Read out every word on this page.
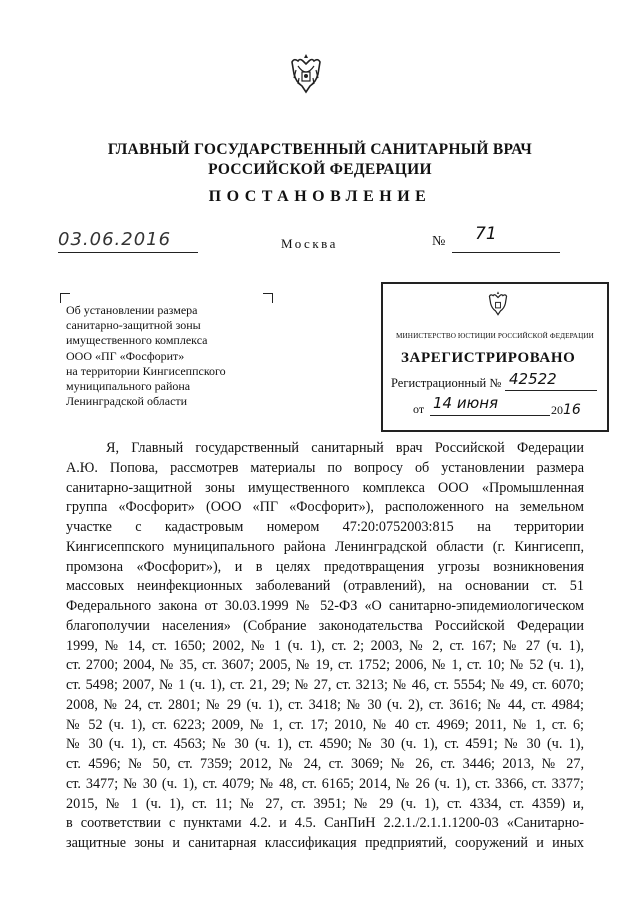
ГЛАВНЫЙ ГОСУДАРСТВЕННЫЙ САНИТАРНЫЙ ВРАЧ
РОССИЙСКОЙ ФЕДЕРАЦИИ
ПОСТАНОВЛЕНИЕ
03.06.2016	Москва	№ 71
Об установлении размера
санитарно-защитной зоны
имущественного комплекса
ООО «ПГ «Фосфорит»
на территории Кингисеппского
муниципального района
Ленинградской области
МИНИСТЕРСТВО ЮСТИЦИИ РОССИЙСКОЙ ФЕДЕРАЦИИ
ЗАРЕГИСТРИРОВАНО
Регистрационный № 42522
от 14 июня	2016
Я, Главный государственный санитарный врач Российской Федерации
А.Ю. Попова, рассмотрев материалы по вопросу об установлении размера
санитарно-защитной зоны имущественного комплекса ООО «Промышленная
группа «Фосфорит» (ООО «ПГ «Фосфорит»), расположенного на земельном
участке с кадастровым номером 47:20:0752003:815 на территории
Кингисеппского муниципального района Ленинградской области (г. Кингисепп,
промзона «Фосфорит»), и в целях предотвращения угрозы возникновения
массовых неинфекционных заболеваний (отравлений), на основании ст. 51
Федерального закона от 30.03.1999 № 52-ФЗ «О санитарно-эпидемиологическом
благополучии населения» (Собрание законодательства Российской Федерации
1999, № 14, ст. 1650; 2002, № 1 (ч. 1), ст. 2; 2003, № 2, ст. 167; № 27 (ч. 1),
ст. 2700; 2004, № 35, ст. 3607; 2005, № 19, ст. 1752; 2006, № 1, ст. 10; № 52 (ч. 1),
ст. 5498; 2007, № 1 (ч. 1), ст. 21, 29; № 27, ст. 3213; № 46, ст. 5554; № 49, ст. 6070;
2008, № 24, ст. 2801; № 29 (ч. 1), ст. 3418; № 30 (ч. 2), ст. 3616; № 44, ст. 4984;
№ 52 (ч. 1), ст. 6223; 2009, № 1, ст. 17; 2010, № 40 ст. 4969; 2011, № 1, ст. 6;
№ 30 (ч. 1), ст. 4563; № 30 (ч. 1), ст. 4590; № 30 (ч. 1), ст. 4591; № 30 (ч. 1),
ст. 4596; № 50, ст. 7359; 2012, № 24, ст. 3069; № 26, ст. 3446; 2013, № 27,
ст. 3477; № 30 (ч. 1), ст. 4079; № 48, ст. 6165; 2014, № 26 (ч. 1), ст. 3366, ст. 3377;
2015, № 1 (ч. 1), ст. 11; № 27, ст. 3951; № 29 (ч. 1), ст. 4334, ст. 4359) и,
в соответствии с пунктами 4.2. и 4.5. СанПиН 2.2.1./2.1.1.1200-03 «Санитарно-
защитные зоны и санитарная классификация предприятий, сооружений и иных
